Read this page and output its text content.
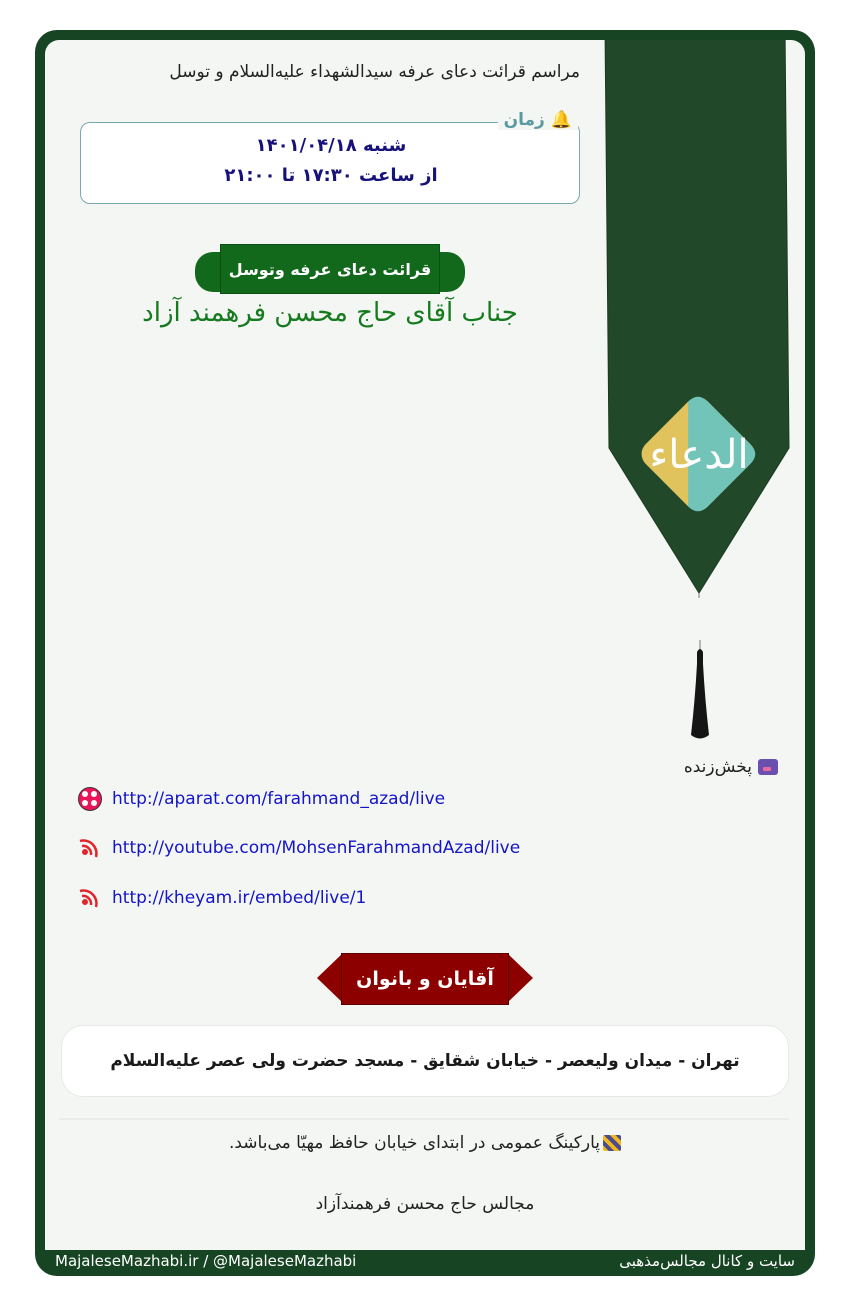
مراسم قرائت دعای عرفه سیدالشهداء علیه‌السلام و توسل
شنبه ۱۴۰۱/۰۴/۱۸
از ساعت ۱۷:۳۰ تا ۲۱:۰۰
🔔
زمان
قرائت دعای عرفه وتوسل
جناب آقای حاج محسن فرهمند آزاد
الدعاء
پخش‌زنده
http://aparat.com/farahmand_azad/live
http://youtube.com/MohsenFarahmandAzad/live
http://kheyam.ir/embed/live/1
آقایان و بانوان
تهران - میدان ولیعصر - خیابان شقایق - مسجد حضرت ولی عصر علیه‌السلام
پارکینگ عمومی در ابتدای خیابان حافظ مهیّا می‌باشد.
مجالس حاج محسن فرهمندآزاد
MajaleseMazhabi.ir / @MajaleseMazhabi	سایت و کانال مجالس‌مذهبی
